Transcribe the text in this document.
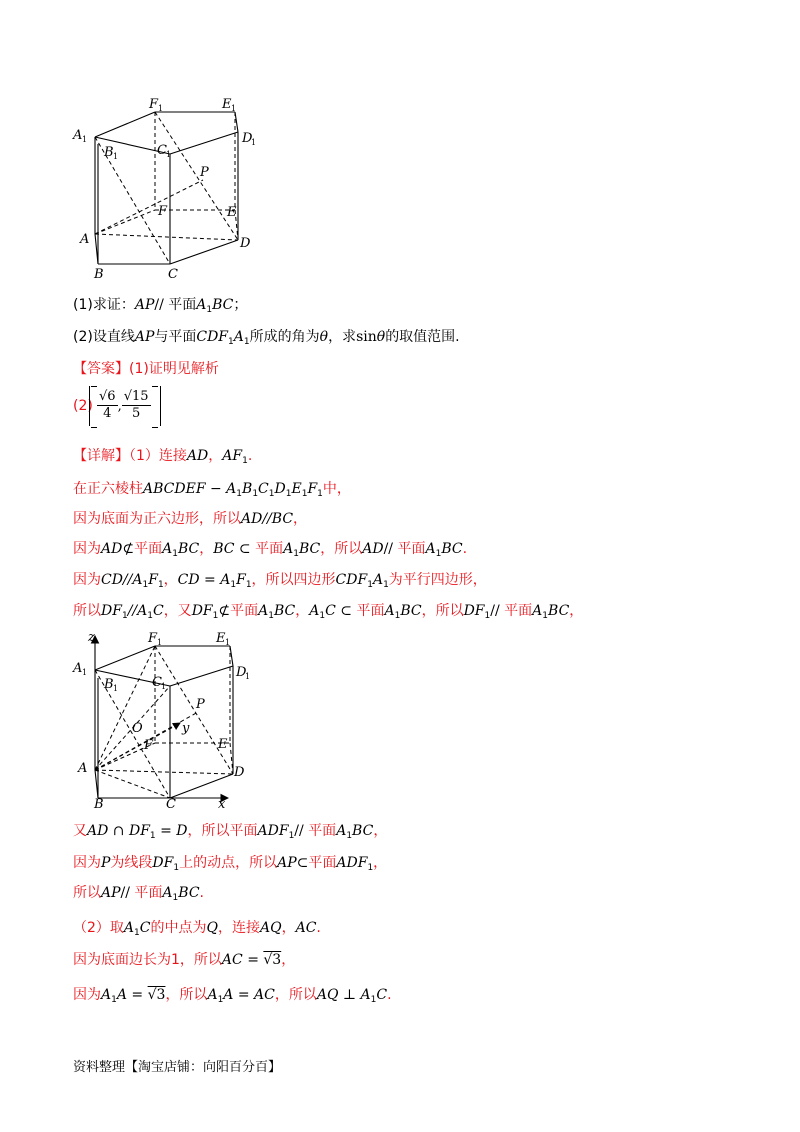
F 1	E 1
A 1
B 1	C 1
D
1
P
F	E
A	D
B	C
(1)求证：AP// 平面$A_1BC$；
(2)设直线AP与平面$CDF_1A_1$所成的角为θ，求sinθ的取值范围.
【答案】(1)证明见解析
$(2) \frac{√6}{4}$ , $\frac{√15}{5}$
【详解】（1）连接AD，$AF_1$.
在正六棱柱ABCDEF − $A_1B_1C_1D_1E_1F_1$中，
因为底面为正六边形，所以AD//BC，
因为AD⊄平面$A_1BC$，BC ⊂ 平面$A_1BC$，所以AD// 平面$A_1BC$.
因为$CD//A_1F_1$，CD = $A_1F_1$，所以四边形$CDF_1A_1$为平行四边形，
所以$DF_1//A_1C$，又$DF_1⊄$平面$A_1BC$，$A_1C$ ⊂ 平面$A_1BC$，所以$DF_1//$ 平面$A_1BC$，
z
y
x
O
F 1	E 1
A 1
B 1	C 1
D
1
P
F	E
A	D
B	C
又AD ∩ $DF_1 = D$，所以平面$ADF_1//$ 平面$A_1BC$，
因为P为线段$DF_1$上的动点，所以AP⊂平面$ADF_1$，
所以AP// 平面$A_1BC$.
（2）取$A_1C$的中点为Q，连接AQ，AC.
因为底面边长为1，所以AC = √3，
因为$A_1A = √3$，所以$A_1A$ = AC，所以AQ ⊥ $A_1C$.
资料整理【淘宝店铺：向阳百分百】
